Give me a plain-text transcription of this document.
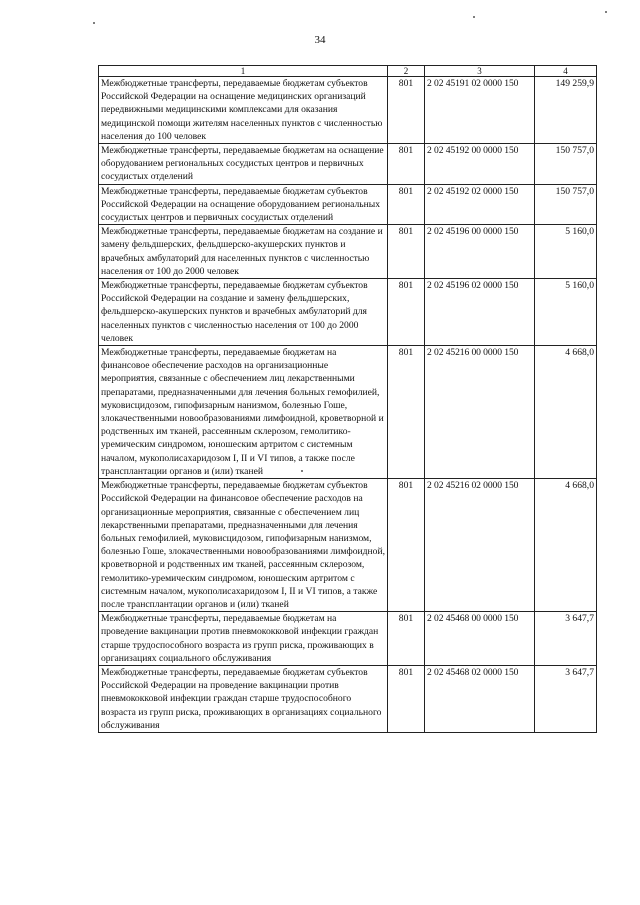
34
1	2	3	4
Межбюджетные трансферты, передаваемые бюджетам субъектов Российской Федерации на оснащение медицинских организаций передвижными медицинскими комплексами для оказания медицинской помощи жителям населенных пунктов с численностью населения до 100 человек	801	2 02 45191 02 0000 150	149 259,9
Межбюджетные трансферты, передаваемые бюджетам на оснащение оборудованием региональных сосудистых центров и первичных сосудистых отделений	801	2 02 45192 00 0000 150	150 757,0
Межбюджетные трансферты, передаваемые бюджетам субъектов Российской Федерации на оснащение оборудованием региональных сосудистых центров и первичных сосудистых отделений	801	2 02 45192 02 0000 150	150 757,0
Межбюджетные трансферты, передаваемые бюджетам на создание и замену фельдшерских, фельдшерско-акушерских пунктов и врачебных амбулаторий для населенных пунктов с численностью населения от 100 до 2000 человек	801	2 02 45196 00 0000 150	5 160,0
Межбюджетные трансферты, передаваемые бюджетам субъектов Российской Федерации на создание и замену фельдшерских, фельдшерско-акушерских пунктов и врачебных амбулаторий для населенных пунктов с численностью населения от 100 до 2000 человек	801	2 02 45196 02 0000 150	5 160,0
Межбюджетные трансферты, передаваемые бюджетам на финансовое обеспечение расходов на организационные мероприятия, связанные с обеспечением лиц лекарственными препаратами, предназначенными для лечения больных гемофилией, муковисцидозом, гипофизарным нанизмом, болезнью Гоше, злокачественными новообразованиями лимфоидной, кроветворной и родственных им тканей, рассеянным склерозом, гемолитико-уремическим синдромом, юношеским артритом с системным началом, мукополисахаридозом I, II и VI типов, а также после трансплантации органов и (или) тканей	801	2 02 45216 00 0000 150	4 668,0
Межбюджетные трансферты, передаваемые бюджетам субъектов Российской Федерации на финансовое обеспечение расходов на организационные мероприятия, связанные с обеспечением лиц лекарственными препаратами, предназначенными для лечения больных гемофилией, муковисцидозом, гипофизарным нанизмом, болезнью Гоше, злокачественными новообразованиями лимфоидной, кроветворной и родственных им тканей, рассеянным склерозом, гемолитико-уремическим синдромом, юношеским артритом с системным началом, мукополисахаридозом I, II и VI типов, а также после трансплантации органов и (или) тканей	801	2 02 45216 02 0000 150	4 668,0
Межбюджетные трансферты, передаваемые бюджетам на проведение вакцинации против пневмококковой инфекции граждан старше трудоспособного возраста из групп риска, проживающих в организациях социального обслуживания	801	2 02 45468 00 0000 150	3 647,7
Межбюджетные трансферты, передаваемые бюджетам субъектов Российской Федерации на проведение вакцинации против пневмококковой инфекции граждан старше трудоспособного возраста из групп риска, проживающих в организациях социального обслуживания	801	2 02 45468 02 0000 150	3 647,7
